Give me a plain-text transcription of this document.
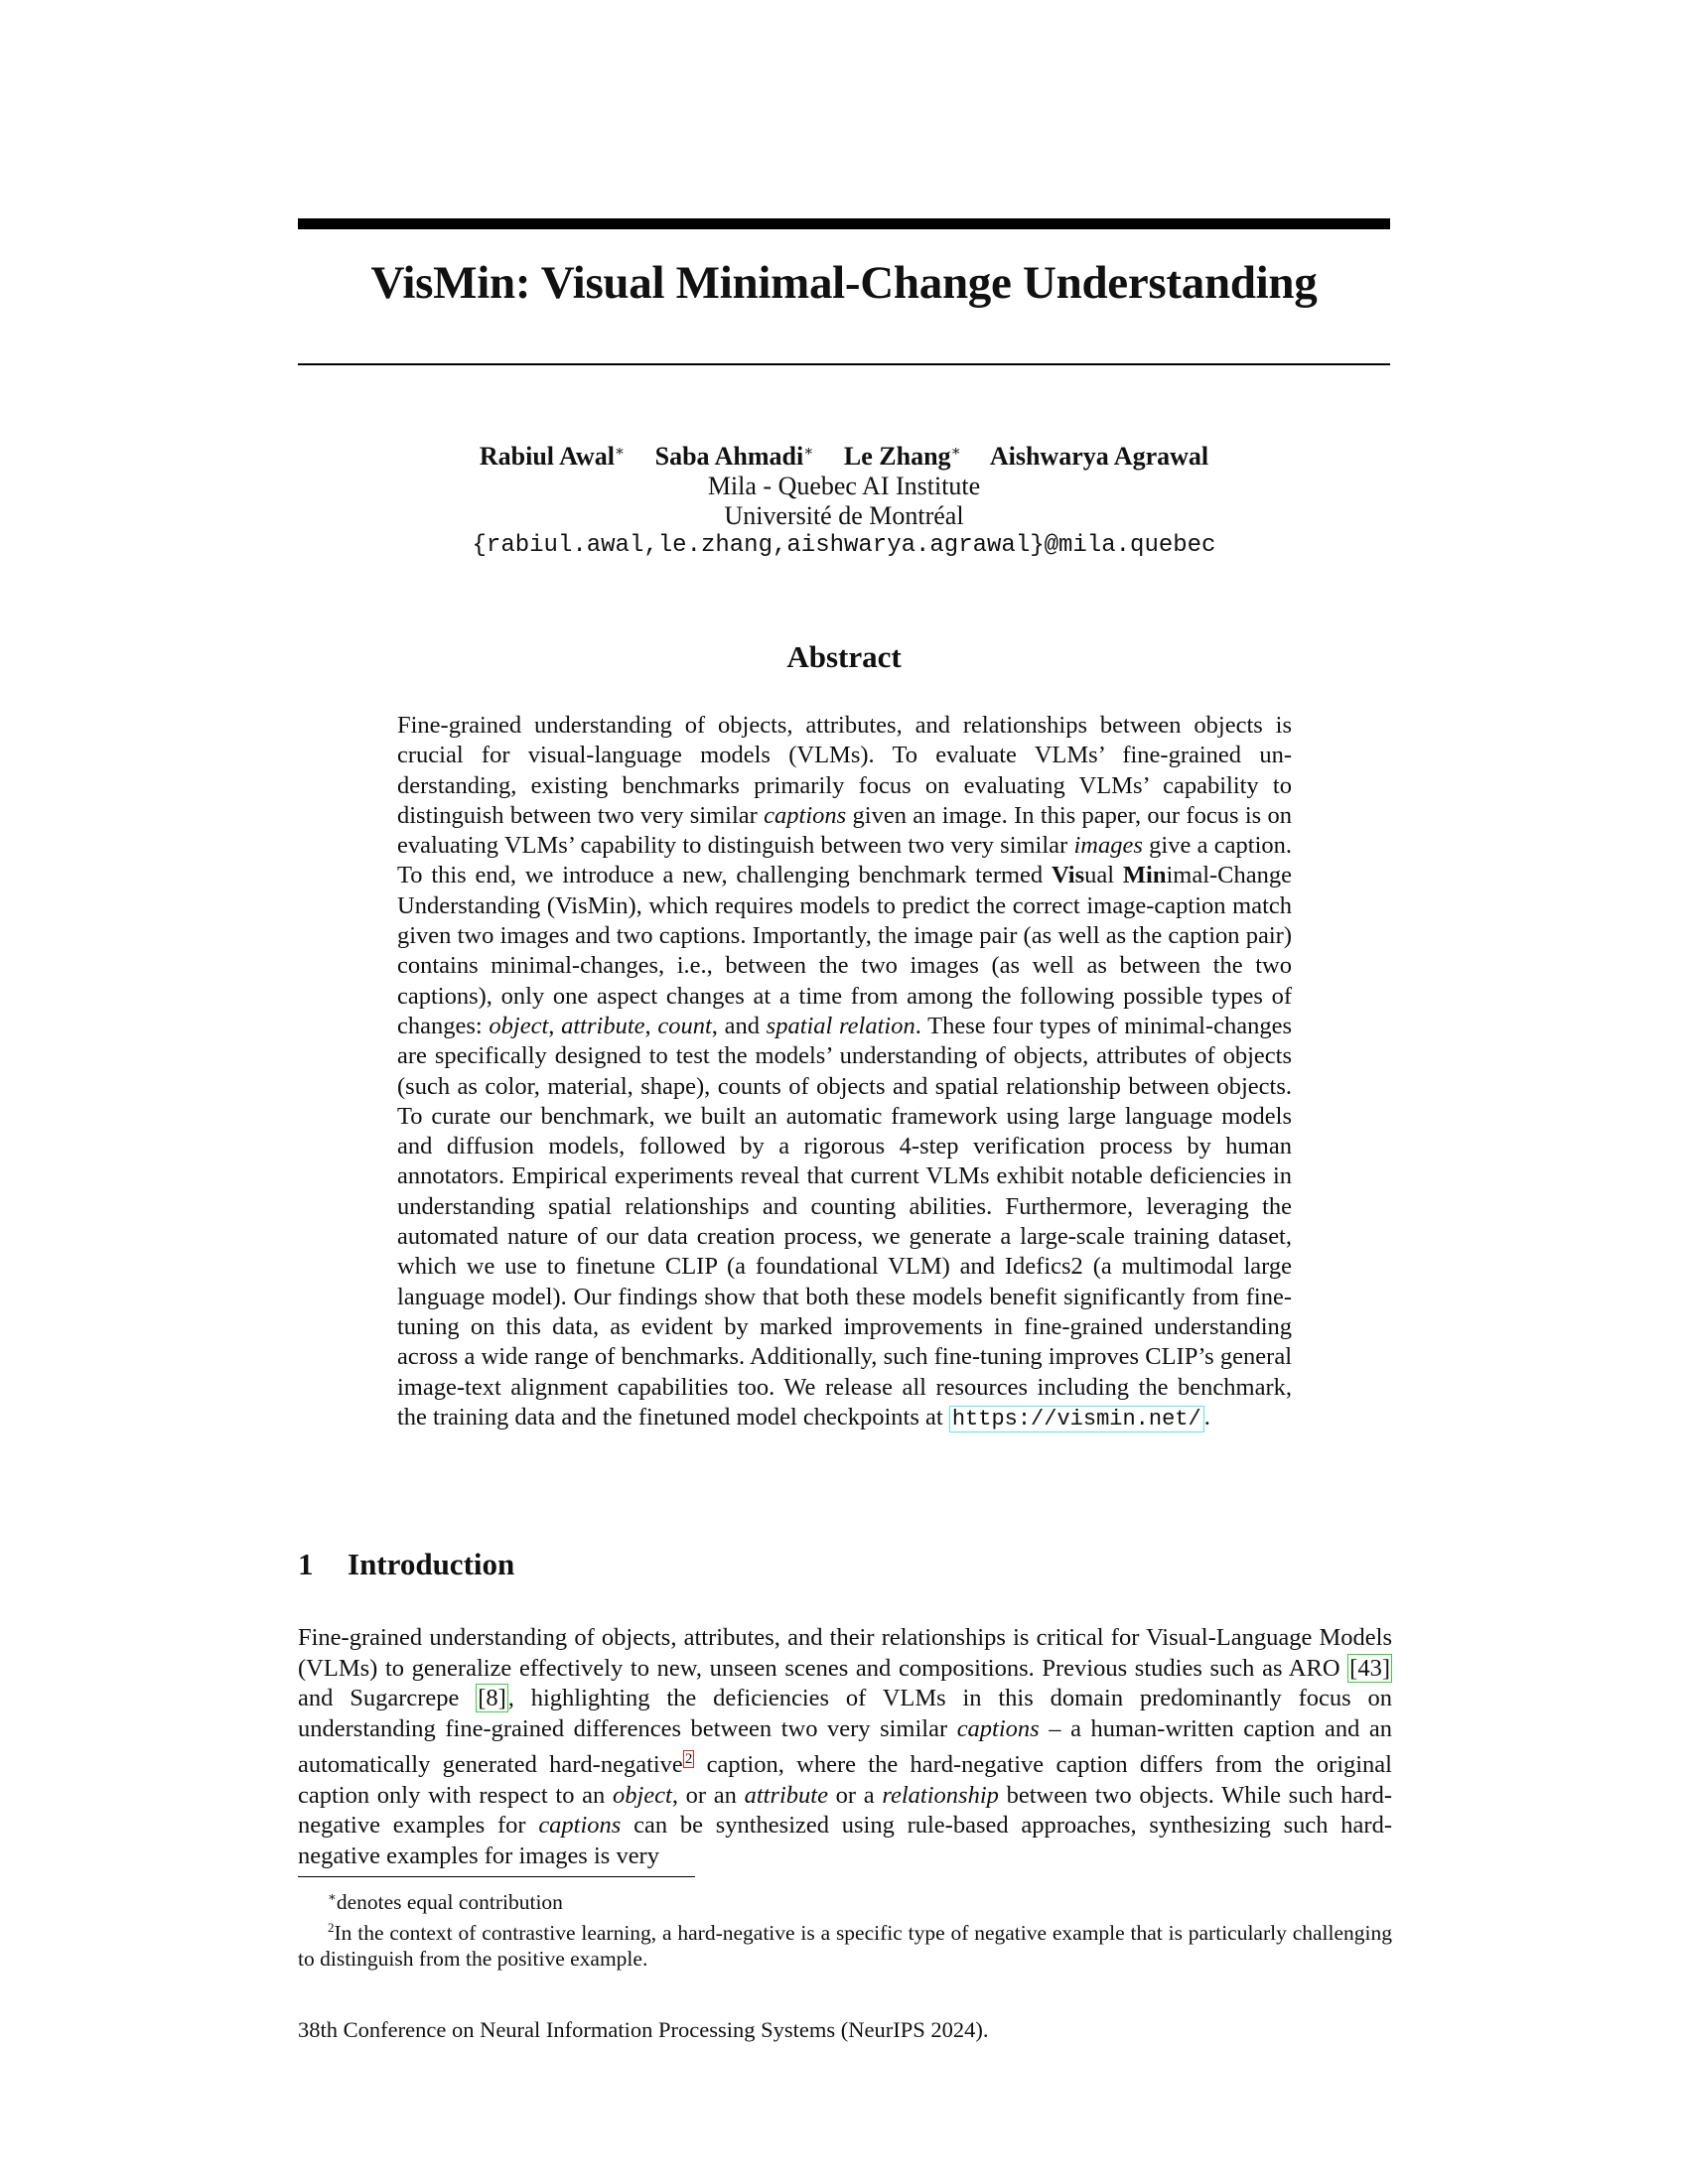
VisMin: Visual Minimal-Change Understanding
Rabiul Awal∗ Saba Ahmadi∗ Le Zhang∗ Aishwarya Agrawal
Mila - Quebec AI Institute
Université de Montréal
{rabiul.awal,le.zhang,aishwarya.agrawal}@mila.quebec
Abstract
Fine-grained understanding of objects, attributes, and relationships between objects is crucial for visual-language models (VLMs). To evaluate VLMs’ fine-grained understanding, existing benchmarks primarily focus on evaluating VLMs’ capability to distinguish between two very similar captions given an image. In this paper, our focus is on evaluating VLMs’ capability to distinguish between two very similar images give a caption. To this end, we introduce a new, challenging benchmark termed Visual Minimal-Change Understanding (VisMin), which requires models to predict the correct image-caption match given two images and two captions. Importantly, the image pair (as well as the caption pair) contains minimal-changes, i.e., between the two images (as well as between the two captions), only one aspect changes at a time from among the following possible types of changes: object, attribute, count, and spatial relation. These four types of minimal-changes are specifically designed to test the models’ understanding of objects, attributes of objects (such as color, material, shape), counts of objects and spatial relationship between objects. To curate our benchmark, we built an automatic framework using large language models and diffusion models, followed by a rigorous 4-step verification process by human annotators. Empirical experiments reveal that current VLMs exhibit notable deficiencies in understanding spatial relationships and counting abilities. Furthermore, leveraging the automated nature of our data creation process, we generate a large-scale training dataset, which we use to finetune CLIP (a foundational VLM) and Idefics2 (a multimodal large language model). Our findings show that both these models benefit significantly from fine-tuning on this data, as evident by marked improvements in fine-grained understanding across a wide range of benchmarks. Additionally, such fine-tuning improves CLIP’s general image-text alignment capabilities too. We release all resources including the benchmark, the training data and the finetuned model checkpoints at https://vismin.net/ .
1 Introduction
Fine-grained understanding of objects, attributes, and their relationships is critical for Visual-Language Models (VLMs) to generalize effectively to new, unseen scenes and compositions. Previous studies such as ARO [43] and Sugarcrepe [8], highlighting the deficiencies of VLMs in this domain predominantly focus on understanding fine-grained differences between two very similar captions – a human-written caption and an automatically generated hard-negative $^2$ caption, where the hard-negative caption differs from the original caption only with respect to an object, or an attribute or a relationship between two objects. While such hard-negative examples for captions can be synthesized using rule-based approaches, synthesizing such hard-negative examples for images is very
∗denotes equal contribution
$^2$In the context of contrastive learning, a hard-negative is a specific type of negative example that is particularly challenging to distinguish from the positive example.
38th Conference on Neural Information Processing Systems (NeurIPS 2024).
